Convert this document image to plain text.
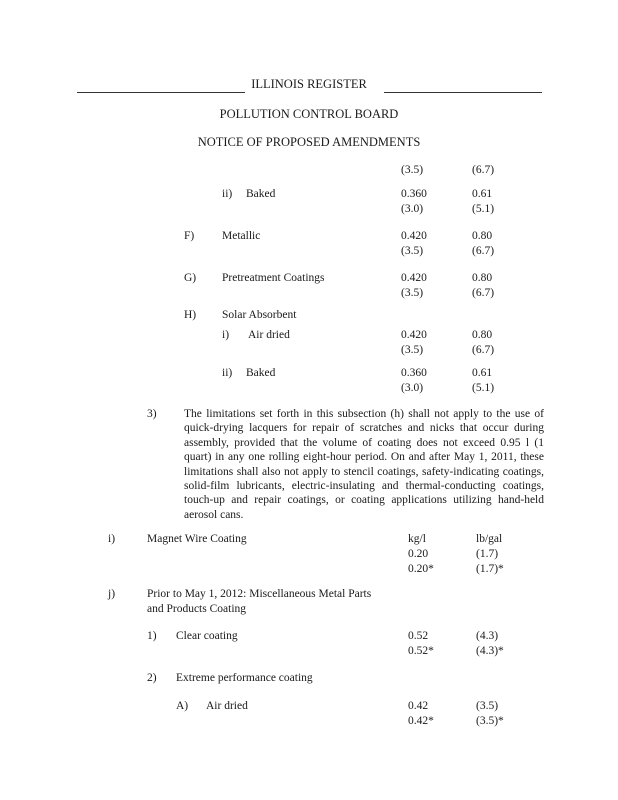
ILLINOIS REGISTER
POLLUTION CONTROL BOARD
NOTICE OF PROPOSED AMENDMENTS
(3.5)	(6.7)
ii) Baked	0.360	0.61
(3.0)	(5.1)
F) Metallic	0.420	0.80
(3.5)	(6.7)
G) Pretreatment Coatings	0.420	0.80
(3.5)	(6.7)
H) Solar Absorbent
i) Air dried	0.420	0.80
(3.5)	(6.7)
ii) Baked	0.360	0.61
(3.0)	(5.1)
3) The limitations set forth in this subsection (h) shall not apply to the use of quick-drying lacquers for repair of scratches and nicks that occur during assembly, provided that the volume of coating does not exceed 0.95 l (1 quart) in any one rolling eight-hour period. On and after May 1, 2011, these limitations shall also not apply to stencil coatings, safety-indicating coatings, solid-film lubricants, electric-insulating and thermal-conducting coatings, touch-up and repair coatings, or coating applications utilizing hand-held aerosol cans.
i)	Magnet Wire Coating	kg/l	lb/gal
0.20	(1.7)
0.20*	(1.7)*
j)	Prior to May 1, 2012: Miscellaneous Metal Parts
and Products Coating
1) Clear coating	0.52	(4.3)
0.52*	(4.3)*
2) Extreme performance coating
A) Air dried	0.42	(3.5)
0.42*	(3.5)*
